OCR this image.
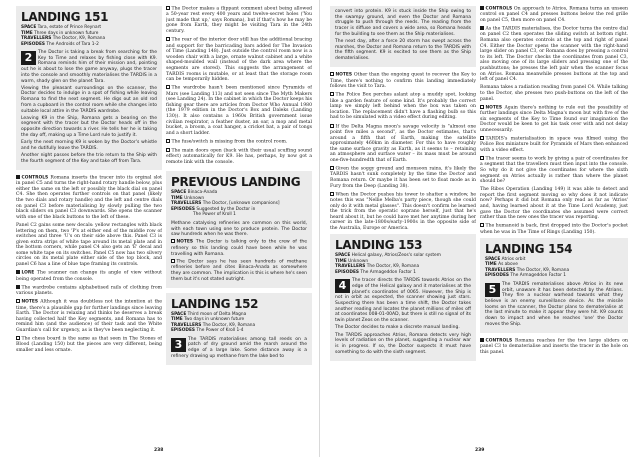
LANDING 151
SPACE Tara, estate of Prince Reynart
TIME Three days in unknown future
TRAVELLERS The Doctor, K9, Romana
EPISODES The Androids of Tara 1-2

2	The Doctor is taking a break from searching for the Key to Time and relaxes by fishing close with K9. Romana reminds him of their mission and, pointing out he is about to lose the game anyway, plugs the tracer into the console and smoothly materialises the TARDIS in a warm, shady glen on the planet Tara.

Viewing the pleasant surroundings on the scanner, the Doctor decides to indulge in a spot of fishing while leaving Romana to find the next segment. He digs out an old rod from a cupboard in the control room while she changes into suitable local attire in the TARDIS wardrobe.

Leaving K9 in the Ship, Romana gets a bearing on the segment with the tracer but the Doctor heads off in the opposite direction towards a river. He tells her he is taking the day off, making up a Time Lord rule to justify it.

Early the next morning K9 is woken by the Doctor's whistle and he dutifully leave the TARDIS.

Another night passes before the trio return to the Ship with the fourth segment of the Key and take off from Tara.

CONTROLS Romana inserts the tracer into its orginal slot in panel C5 and turns the right-hand rotary handle below, plus either the same on the left or possibly the black dial on panel C4. She then operates further controls on that panel (likely the two dials and rotary handle) and the left and centre dials on panel C3 before materialising by slowly pulling the two black sliders on panel C3 downwards. She opens the scanner with one of the black buttons to the left of these.

Panel C2 gains some new decals: yellow rectangles with black lettering on them, two 'P's at either end of the middle row of switches and three 'U's on their side above this. Panel C3 is given extra strips of white tape around its metal plate and in the bottom corners, while panel C4 also gets an 'E' decal and some white tape on its switches. Panel C5 now has two silvery circles on its metal plate either side of the top block, and panel C6 has a line of blue tape framing its controls.

LORE The scanner can change its angle of view without being operated from the console.

The wardrobe contains alphabetised rails of clothing from various planets.

NOTES Although it was doubtless not the intention at the time, there's a plausible gap for further landings since leaving Earth. The Doctor is relaxing and thinks he deserves a break having collected half the Key segments, and Romana has to remind him (and the audience) of their task and the White Guardian's call for urgency, as is they've been neglecting it.

The chess board is the same as that seen in The Stones of Blood (Landing 150) but the pieces are very different, being smaller and less ornate.

The Doctor makes a flippant comment about being allowed a 50-year rest every 400 years and twelve-secret holes ('You just made that up,' says Romana), but if that's how he may be gone from Earth, they might be visiting Tara in the 24th century.

The rear of the interior door still has the additional bracing and support for the barricading bars added for The Invasion of Time (Landing 148). Just outside the control room now is a wooden chair with a large, ornate walnut cabinet and a white shaped-moulded wall (instead of the dark area where the segments are stored). This suggests the arrangement of TARDIS rooms is mutable, or at least that the storage room can be temporarily hidden.

The wardrobe hasn't been mentioned since Pyramids of Mars (see Landing 113) and not seen since The Myth Makers (see Landing 24). In the cabinet in which the Doctor keeps his fishing gear there are articles from Doctor Who Annual 1980 (the 1979 edition in the Doctor's Box and Daleks (Landing 130)). It also contains a 1960s British government issue civilian respirator, a feather duster, an oar, a mop and metal bucket, a broom, a coat hanger, a cricket bat, a pair of tongs and a short ladder.

The fuse/switch is missing from the control room.

The main doors open (back with their usual scuffing sound effect) automatically for K9. He has, perhaps, by now got a remote link with the console.

PREVIOUS LANDING
SPACE Binaca-Anada
TIME Unknown
TRAVELLERS The Doctor, [unknown companions]
EPISODES Suggested by the Doctor in
The Power of Kroll 1

Methane catalysing refineries are common on this world, with each town using one to produce protein. The Doctor saw hundreds when he was there.

NOTES The Doctor is talking only to the crew of the refinery so this landing could have been while he was travelling with Romana.

The Doctor says he has seen hundreds of methane refineries before and cites Binaca-Anada as somewhere they are common. The implication is this is where he's seen them but it's not stated outright.

LANDING 152
SPACE Third moon of Delta Magna
TIME Two days in unknown future
TRAVELLERS The Doctor, K9, Romana
EPISODES The Power of Kroll 1-4

3	The TARDIS materialises among tall reeds on a patch of dry ground amid the marsh around the edge of a large lake. Some distance away is a refinery drawing up methane from the lake bed to

238

convert into protein. K9 is stuck inside the Ship owing to the swampy ground, and even the Doctor and Romana struggle to push through the reeds. The reading from the tracer is diffuse and covers a wide area, so Romana heads for the building to see them as the Ship materialises.

The next day, after a force 20 storm has swept across the marshes, the Doctor and Romana return to the TARDIS with the fifth segment. K9 is excited to see them as the Ship dematerialises.

NOTES Other than the ongoing quest to recover the Key to Time, there's nothing to confirm this landing immediately follows the visit to Tara.

The Police Box perches aslant atop a muddy spot, looking like a garden feature of some kind. It's probably the correct lamp we simply left behind when the box was taken on location. The replacement didn't have a flashing bulb so this had to be simulated with a video effect during editing.

If the Delta Magna moon's savage velocity is "almost one point five miles a second", as the Doctor estimates, that's around a fifth that of Earth, making the satellite approximately 460km in diameter. For this to have roughly the same surface gravity as Earth, as it seems to – retaining an atmosphere and surface water – its mass must be around one-five-hundredth that of Earth.

Given the soggy ground and monsoon rains, it's likely the TARDIS hasn't sunk completely by the time the Doctor and Romana return. Or maybe it has been set to float mode as in Fury from the Deep (Landing 38).

When the Doctor pushes his tower to shatter a window, he notes this was "Nellie Melba's party piece, though she could only do it with metal glasses". This doesn't confirm he learned the trick from the operatic soprano herself, just that he's heard about it, but he could have met her anytime during her career in the late-1800s/early-1900s in the opposite side of the Australia, Europe or America.

LANDING 153
SPACE Helical galaxy, Atrios/Zeos's solar system
TIME Unknown
TRAVELLERS The Doctor, K9, Romana
EPISODES The Armageddon Factor 1

4	The tracer directs the TARDIS towards Atrios on the edge of the Helical galaxy and it materialises at the planet's coordinates of 0065. However, the Ship is not in orbit as expected, the scanner showing just stars. Suspecting there has been a time shift, the Doctor takes another reading and locates the planet millions of miles off at coordinates 008-01-00AD, but there is still no signal of its twin planet Zeos on the scanner.

The Doctor decides to make a discrete manual landing.

The TARDIS approaches Atrios, Romana detects very high levels of radiation on the planet, suggesting a nuclear war is in progress. If so, the Doctor suspects it must have something to do with the sixth segment.

CONTROLS On approach to Atrios, Romana turns an unseen control on panel C4 and presses buttons below the red grille on panel C5, then more on panel C4.

As the TARDIS materialises, the Doctor turns the centre dial on panel C2 then operates the sliding switch at bottom right. Romana also operates controls at the top and right of panel C4. Either the Doctor opens the scanner with the right-hand large slider on panel C3, or Romana does by pressing a control to its left. The Doctor checks the coordinates from panel C3, also moving one of its large sliders and pressing one of the pushbuttons; he presses the left pair when the scanner focus on Atrios. Romana meanwhile presses buttons at the top and left of panel C4.

Romana takes a radiation reading from panel C4. While talking to the Doctor, she presses two push-buttons on the left of the panel.

NOTES Again there's nothing to rule out the possibility of further landings since Delta Magna's moon but with five of the six segments of the Key to Time found our imagination the Doctor would be keen to get his task over with and not delay unnecessarily.

TARDIS's materialisation in space was filmed using the Police Box miniature built for Pyramids of Mars then enhanced with a video effect.

The tracer seems to work by giving a pair of coordinates for a segment that the travellers must then input into the console. So why do it not give the coordinates for where the sixth segment on Atrios actually is rather than where the planet should be?

The Ribos Operation (Landing 149) it was able to detect and report the first segment moving so why does it not indicate now? Perhaps it did but Romana only read as far as 'Atrios' and, having learned about it at the Time Lord Academy, just gave the Doctor the coordinates she assumed were correct rather than the new ones the tracer was reporting.

The humanoid is back, first dropped into the Doctor's pocket when he was in The Time of Rings (Landing 150).

LANDING 154
SPACE Atrios orbit
TIME As above
TRAVELLERS The Doctor, K9, Romana
EPISODES The Armageddon Factor 1

5	The TARDIS rematerialises above Atrios in its new orbit, unaware it has been detected by the Atrians. They fire a nuclear warhead towards what they believe is an enemy surveillance device. As the missile looms on the scanner, the Doctor plans to dematerialise at the last minute to make it appear they were hit. K9 counts down to impact and when he reaches 'one' the Doctor moves the Ship.

CONTROLS Romana reaches for the two large sliders on panel C3 to dematerialise and inserts the tracer in the hole on this panel.

239
